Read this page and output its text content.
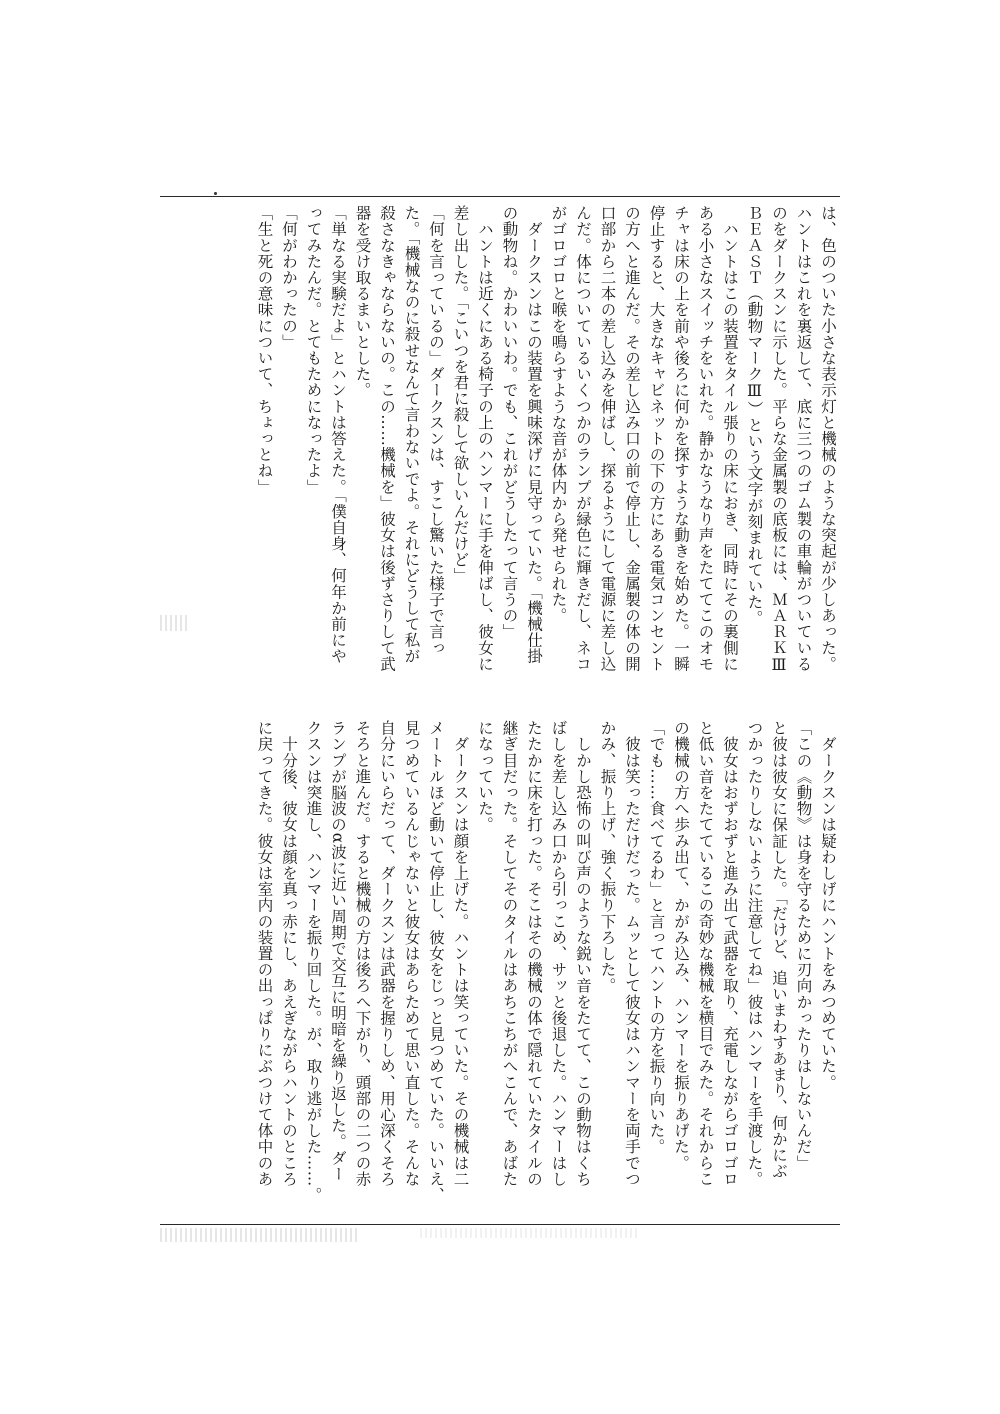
は、色のついた小さな表示灯と機械のような突起が少しあった。

ハントはこれを裏返して、底に三つのゴム製の車輪がついている

のをダークスンに示した。平らな金属製の底板には、ＭＡＲＫⅢ

ＢＥＡＳＴ（動物マークⅢ）という文字が刻まれていた。

　ハントはこの装置をタイル張りの床におき、同時にその裏側に

ある小さなスイッチをいれた。静かなうなり声をたててこのオモ

チャは床の上を前や後ろに何かを探すような動きを始めた。一瞬

停止すると、大きなキャビネットの下の方にある電気コンセント

の方へと進んだ。その差し込み口の前で停止し、金属製の体の開

口部から二本の差し込みを伸ばし、探るようにして電源に差し込

んだ。体についているいくつかのランプが緑色に輝きだし、ネコ

がゴロゴロと喉を鳴らすような音が体内から発せられた。

　ダークスンはこの装置を興味深げに見守っていた。「機械仕掛

の動物ね。かわいいわ。でも、これがどうしたって言うの」

　ハントは近くにある椅子の上のハンマーに手を伸ばし、彼女に

差し出した。「こいつを君に殺して欲しいんだけど」

「何を言っているの」ダークスンは、すこし驚いた様子で言っ

た。「機械なのに殺せなんて言わないでよ。それにどうして私が

殺さなきゃならないの。この……機械を」彼女は後ずさりして武

器を受け取るまいとした。

「単なる実験だよ」とハントは答えた。「僕自身、何年か前にや

ってみたんだ。とてもためになったよ」

「何がわかったの」

「生と死の意味について、ちょっとね」

　ダークスンは疑わしげにハントをみつめていた。

「この《動物》は身を守るために刃向かったりはしないんだ」

と彼は彼女に保証した。「だけど、追いまわすあまり、何かにぶ

つかったりしないように注意してね」彼はハンマーを手渡した。

　彼女はおずおずと進み出て武器を取り、充電しながらゴロゴロ

と低い音をたてているこの奇妙な機械を横目でみた。それからこ

の機械の方へ歩み出て、かがみ込み、ハンマーを振りあげた。

「でも……食べてるわ」と言ってハントの方を振り向いた。

　彼は笑っただけだった。ムッとして彼女はハンマーを両手でつ

かみ、振り上げ、強く振り下ろした。

　しかし恐怖の叫び声のような鋭い音をたてて、この動物はくち

ばしを差し込み口から引っこめ、サッと後退した。ハンマーはし

たたかに床を打った。そこはその機械の体で隠れていたタイルの

継ぎ目だった。そしてそのタイルはあちこちがへこんで、あばた

になっていた。

　ダークスンは顔を上げた。ハントは笑っていた。その機械は二

メートルほど動いて停止し、彼女をじっと見つめていた。いいえ、

見つめているんじゃないと彼女はあらためて思い直した。そんな

自分にいらだって、ダークスンは武器を握りしめ、用心深くそろ

そろと進んだ。すると機械の方は後ろへ下がり、頭部の二つの赤

ランプが脳波のα波に近い周期で交互に明暗を繰り返した。ダー

クスンは突進し、ハンマーを振り回した。が、取り逃がした……。

　十分後、彼女は顔を真っ赤にし、あえぎながらハントのところ

に戻ってきた。彼女は室内の装置の出っぱりにぶつけて体中のあ
